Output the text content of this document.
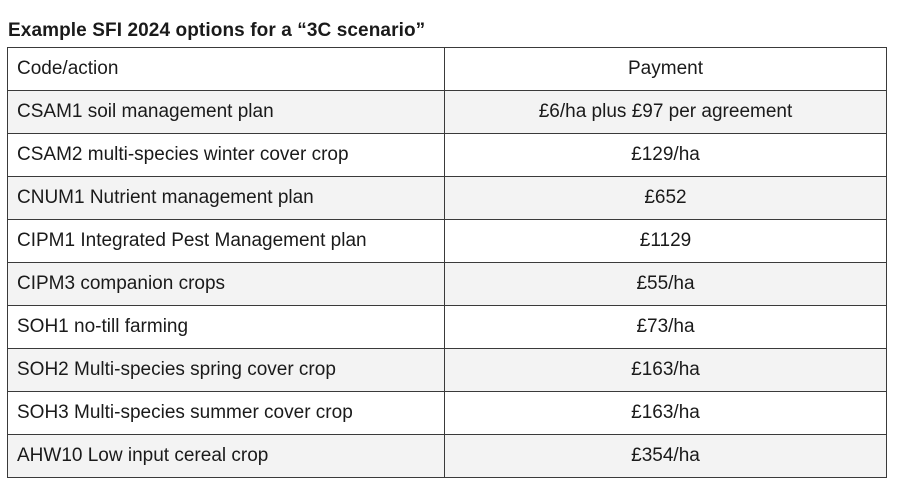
Example SFI 2024 options for a “3C scenario”
Code/action	Payment
CSAM1 soil management plan	£6/ha plus £97 per agreement
CSAM2 multi-species winter cover crop	£129/ha
CNUM1 Nutrient management plan	£652
CIPM1 Integrated Pest Management plan	£1129
CIPM3 companion crops	£55/ha
SOH1 no-till farming	£73/ha
SOH2 Multi-species spring cover crop	£163/ha
SOH3 Multi-species summer cover crop	£163/ha
AHW10 Low input cereal crop	£354/ha
